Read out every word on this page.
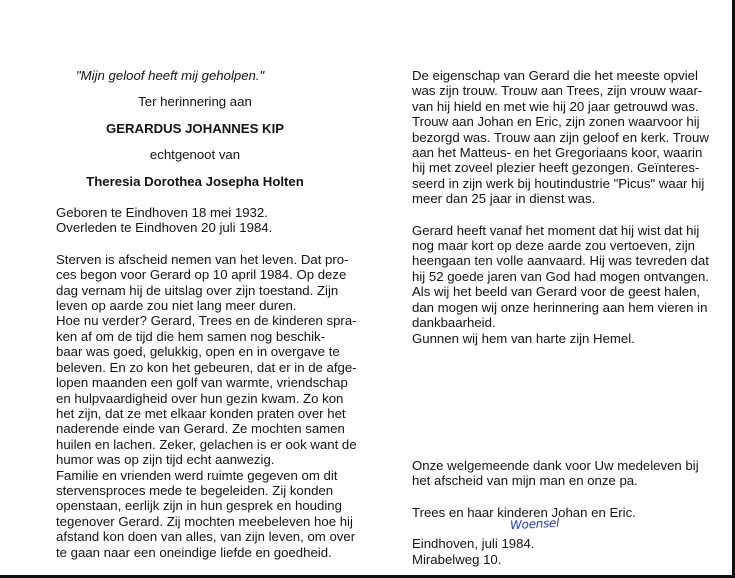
"Mijn geloof heeft mij geholpen."
Ter herinnering aan
GERARDUS JOHANNES KIP
echtgenoot van
Theresia Dorothea Josepha Holten
Geboren te Eindhoven 18 mei 1932.
Overleden te Eindhoven 20 juli 1984.
Sterven is afscheid nemen van het leven. Dat pro-
ces begon voor Gerard op 10 april 1984. Op deze
dag vernam hij de uitslag over zijn toestand. Zijn
leven op aarde zou niet lang meer duren.
Hoe nu verder? Gerard, Trees en de kinderen spra-
ken af om de tijd die hem samen nog beschik-
baar was goed, gelukkig, open en in overgave te
beleven. En zo kon het gebeuren, dat er in de afge-
lopen maanden een golf van warmte, vriendschap
en hulpvaardigheid over hun gezin kwam. Zo kon
het zijn, dat ze met elkaar konden praten over het
naderende einde van Gerard. Ze mochten samen
huilen en lachen. Zeker, gelachen is er ook want de
humor was op zijn tijd echt aanwezig.
Familie en vrienden werd ruimte gegeven om dit
stervensproces mede te begeleiden. Zij konden
openstaan, eerlijk zijn in hun gesprek en houding
tegenover Gerard. Zij mochten meebeleven hoe hij
afstand kon doen van alles, van zijn leven, om over
te gaan naar een oneindige liefde en goedheid.
De eigenschap van Gerard die het meeste opviel
was zijn trouw. Trouw aan Trees, zijn vrouw waar-
van hij hield en met wie hij 20 jaar getrouwd was.
Trouw aan Johan en Eric, zijn zonen waarvoor hij
bezorgd was. Trouw aan zijn geloof en kerk. Trouw
aan het Matteus- en het Gregoriaans koor, waarin
hij met zoveel plezier heeft gezongen. Geïnteres-
seerd in zijn werk bij houtindustrie "Picus" waar hij
meer dan 25 jaar in dienst was.
Gerard heeft vanaf het moment dat hij wist dat hij
nog maar kort op deze aarde zou vertoeven, zijn
heengaan ten volle aanvaard. Hij was tevreden dat
hij 52 goede jaren van God had mogen ontvangen.
Als wij het beeld van Gerard voor de geest halen,
dan mogen wij onze herinnering aan hem vieren in
dankbaarheid.
Gunnen wij hem van harte zijn Hemel.
Onze welgemeende dank voor Uw medeleven bij
het afscheid van mijn man en onze pa.
Trees en haar kinderen Johan en Eric.
Eindhoven, juli 1984.
Mirabelweg 10.
Woensel
